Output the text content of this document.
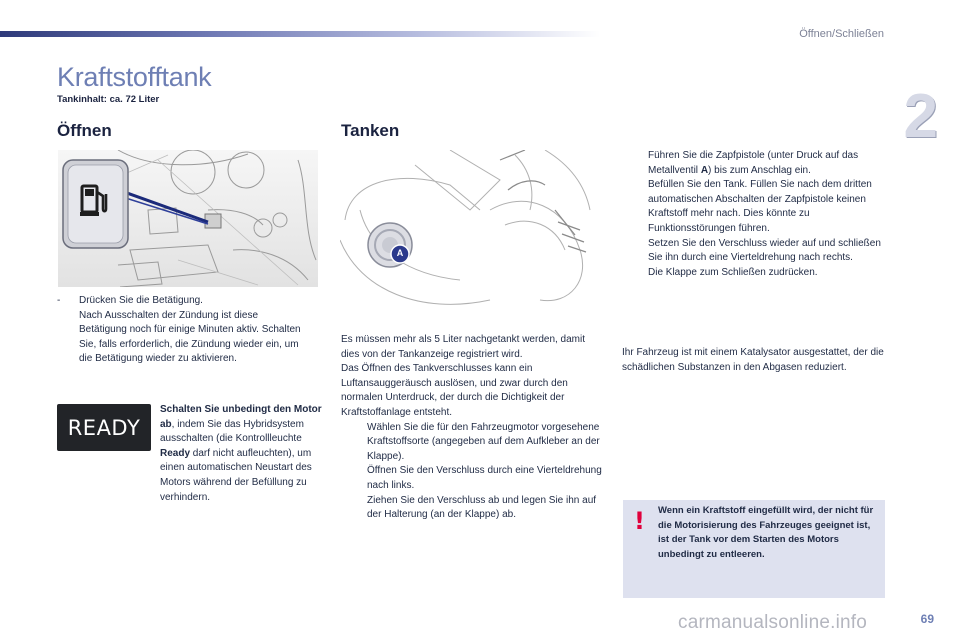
Öffnen/Schließen
2
Kraftstofftank
Tankinhalt: ca. 72 Liter
Öffnen	Tanken
A
-	Drücken Sie die Betätigung.
Nach Ausschalten der Zündung ist diese Betätigung noch für einige Minuten aktiv. Schalten Sie, falls erforderlich, die Zündung wieder ein, um die Betätigung wieder zu aktivieren.
READY
Schalten Sie unbedingt den Motor ab, indem Sie das Hybridsystem ausschalten (die Kontrollleuchte Ready darf nicht aufleuchten), um einen automatischen Neustart des Motors während der Befüllung zu verhindern.
Es müssen mehr als 5 Liter nachgetankt werden, damit dies von der Tankanzeige registriert wird.
Das Öffnen des Tankverschlusses kann ein Luftansauggeräusch auslösen, und zwar durch den normalen Unterdruck, der durch die Dichtigkeit der Kraftstoffanlage entsteht.
Wählen Sie die für den Fahrzeugmotor vorgesehene Kraftstoffsorte (angegeben auf dem Aufkleber an der Klappe).
Öffnen Sie den Verschluss durch eine Vierteldrehung nach links.
Ziehen Sie den Verschluss ab und legen Sie ihn auf der Halterung (an der Klappe) ab.
Führen Sie die Zapfpistole (unter Druck auf das Metallventil A) bis zum Anschlag ein.
Befüllen Sie den Tank. Füllen Sie nach dem dritten automatischen Abschalten der Zapfpistole keinen Kraftstoff mehr nach. Dies könnte zu Funktionsstörungen führen.
Setzen Sie den Verschluss wieder auf und schließen Sie ihn durch eine Vierteldrehung nach rechts.
Die Klappe zum Schließen zudrücken.
Ihr Fahrzeug ist mit einem Katalysator ausgestattet, der die schädlichen Substanzen in den Abgasen reduziert.
! Wenn ein Kraftstoff eingefüllt wird, der nicht für die Motorisierung des Fahrzeuges geeignet ist, ist der Tank vor dem Starten des Motors unbedingt zu entleeren.
69
carmanualsonline.info
